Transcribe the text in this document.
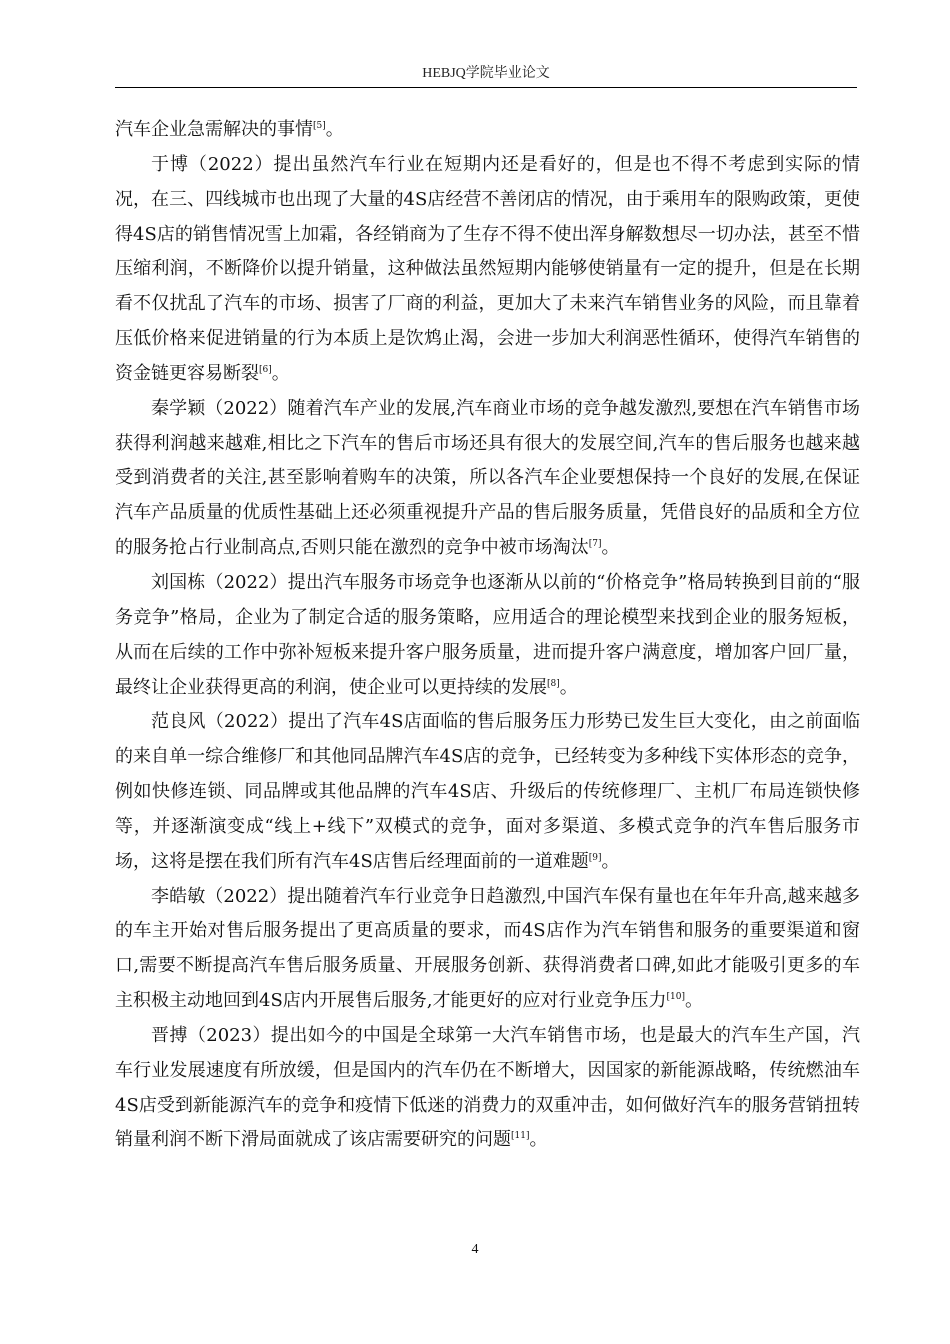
HEBJQ学院毕业论文

汽车企业急需解决的事情[5]。

于博（2022）提出虽然汽车行业在短期内还是看好的，但是也不得不考虑到实际的情况，在三、四线城市也出现了大量的4S店经营不善闭店的情况，由于乘用车的限购政策，更使得4S店的销售情况雪上加霜，各经销商为了生存不得不使出浑身解数想尽一切办法，甚至不惜压缩利润，不断降价以提升销量，这种做法虽然短期内能够使销量有一定的提升，但是在长期看不仅扰乱了汽车的市场、损害了厂商的利益，更加大了未来汽车销售业务的风险，而且靠着压低价格来促进销量的行为本质上是饮鸩止渴，会进一步加大利润恶性循环，使得汽车销售的资金链更容易断裂[6]。

秦学颖（2022）随着汽车产业的发展,汽车商业市场的竞争越发激烈,要想在汽车销售市场获得利润越来越难,相比之下汽车的售后市场还具有很大的发展空间,汽车的售后服务也越来越受到消费者的关注,甚至影响着购车的决策，所以各汽车企业要想保持一个良好的发展,在保证汽车产品质量的优质性基础上还必须重视提升产品的售后服务质量，凭借良好的品质和全方位的服务抢占行业制高点,否则只能在激烈的竞争中被市场淘汰[7]。

刘国栋（2022）提出汽车服务市场竞争也逐渐从以前的“价格竞争”格局转换到目前的“服务竞争”格局，企业为了制定合适的服务策略，应用适合的理论模型来找到企业的服务短板，从而在后续的工作中弥补短板来提升客户服务质量，进而提升客户满意度，增加客户回厂量，最终让企业获得更高的利润，使企业可以更持续的发展[8]。

范良风（2022）提出了汽车4S店面临的售后服务压力形势已发生巨大变化，由之前面临的来自单一综合维修厂和其他同品牌汽车4S店的竞争，已经转变为多种线下实体形态的竞争，例如快修连锁、同品牌或其他品牌的汽车4S店、升级后的传统修理厂、主机厂布局连锁快修等，并逐渐演变成“线上+线下”双模式的竞争，面对多渠道、多模式竞争的汽车售后服务市场，这将是摆在我们所有汽车4S店售后经理面前的一道难题[9]。

李皓敏（2022）提出随着汽车行业竞争日趋激烈,中国汽车保有量也在年年升高,越来越多的车主开始对售后服务提出了更高质量的要求，而4S店作为汽车销售和服务的重要渠道和窗口,需要不断提高汽车售后服务质量、开展服务创新、获得消费者口碑,如此才能吸引更多的车主积极主动地回到4S店内开展售后服务,才能更好的应对行业竞争压力[10]。

晋搏（2023）提出如今的中国是全球第一大汽车销售市场，也是最大的汽车生产国，汽车行业发展速度有所放缓，但是国内的汽车仍在不断增大，因国家的新能源战略，传统燃油车4S店受到新能源汽车的竞争和疫情下低迷的消费力的双重冲击，如何做好汽车的服务营销扭转销量利润不断下滑局面就成了该店需要研究的问题[11]。

4
